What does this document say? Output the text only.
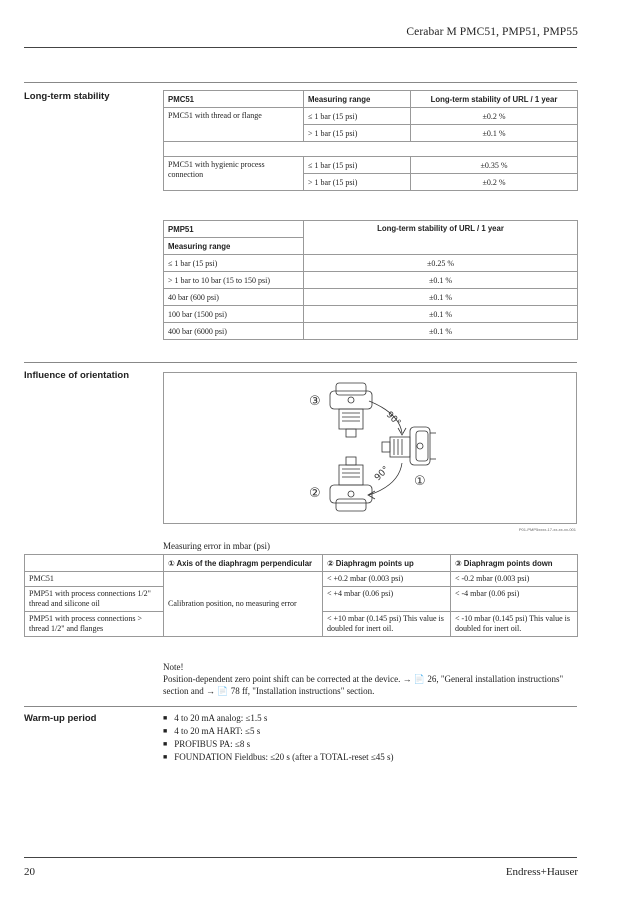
Cerabar M PMC51, PMP51, PMP55
Long-term stability	PMC51	Measuring range	Long-term stability of URL / 1 year
PMC51 with thread or flange	≤ 1 bar (15 psi)	±0.2 %
	> 1 bar (15 psi)	±0.1 %

PMC51 with hygienic process connection	≤ 1 bar (15 psi)	±0.35 %
	> 1 bar (15 psi)	±0.2 %
PMP51	Long-term stability of URL / 1 year
Measuring range	
≤ 1 bar (15 psi)	±0.25 %
> 1 bar to 10 bar (15 to 150 psi)	±0.1 %
40 bar (600 psi)	±0.1 %
100 bar (1500 psi)	±0.1 %
400 bar (6000 psi)	±0.1 %
Influence of orientation
90°
90°
③
①
②
P01-PMP5xxxx-17-xx-xx-xx-001
Measuring error in mbar (psi)
	① Axis of the diaphragm perpendicular	② Diaphragm points up	③ Diaphragm points down
PMC51	Calibration position, no measuring error	< +0.2 mbar (0.003 psi)	< -0.2 mbar (0.003 psi)
PMP51 with process connections 1/2" thread and silicone oil		< +4 mbar (0.06 psi)	< -4 mbar (0.06 psi)
PMP51 with process connections > thread 1/2" and flanges		< +10 mbar (0.145 psi) This value is doubled for inert oil.	< -10 mbar (0.145 psi) This value is doubled for inert oil.
Note!
Position-dependent zero point shift can be corrected at the device. → 📄 26, "General installation instructions" section and → 📄 78 ff, "Installation instructions" section.
Warm-up period	■ 4 to 20 mA analog: ≤1.5 s
■ 4 to 20 mA HART: ≤5 s
■ PROFIBUS PA: ≤8 s
■ FOUNDATION Fieldbus: ≤20 s (after a TOTAL-reset ≤45 s)
20	Endress+Hauser
